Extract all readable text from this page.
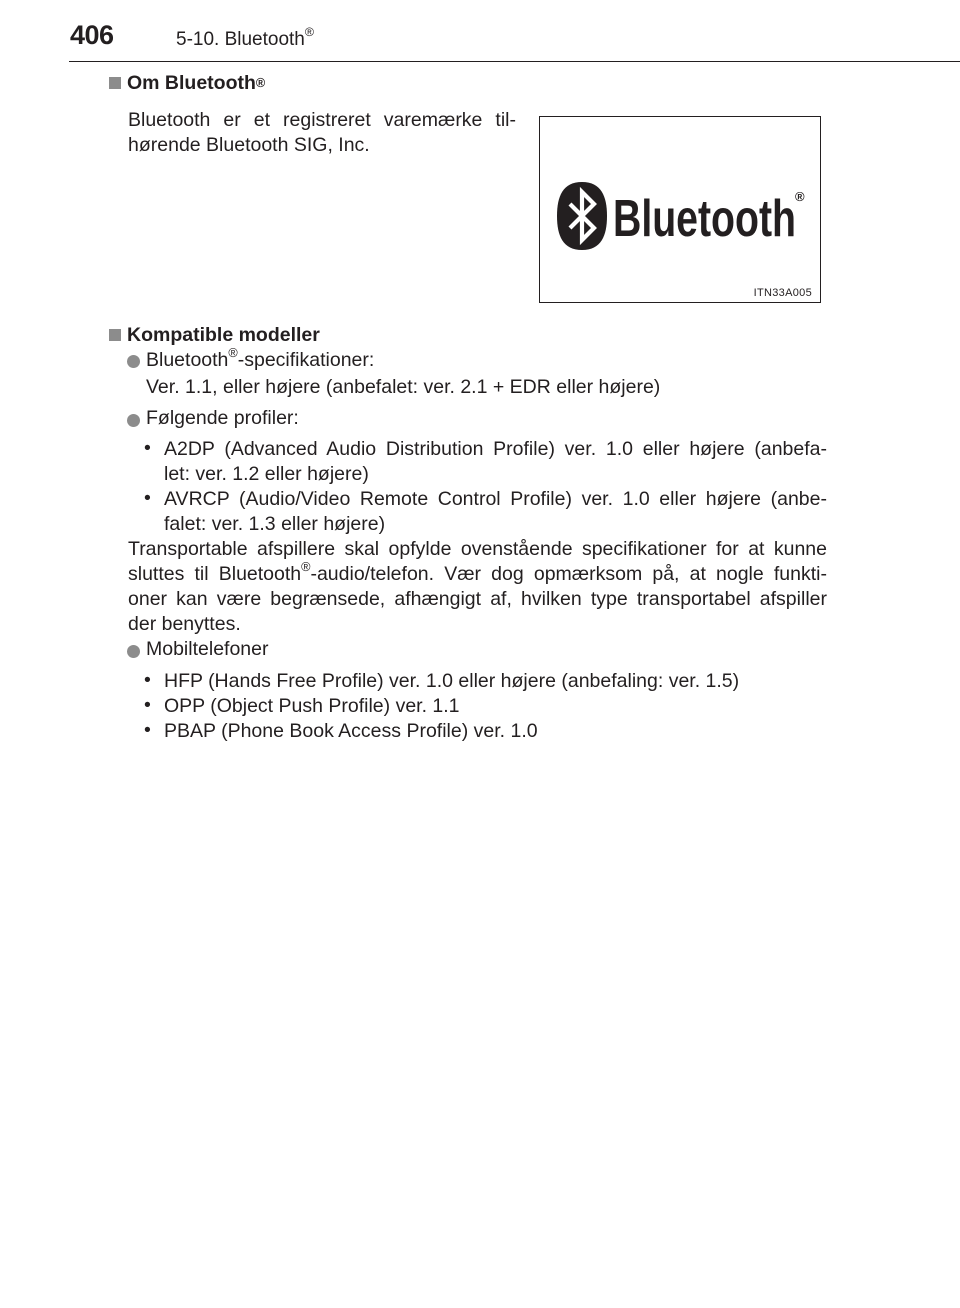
406	5-10. Bluetooth®
Om Bluetooth®
Bluetooth er et registreret varemærke til-
hørende Bluetooth SIG, Inc.
Bluetooth ®
ITN33A005
Kompatible modeller
Bluetooth®-specifikationer:
Ver. 1.1, eller højere (anbefalet: ver. 2.1 + EDR eller højere)
Følgende profiler:
• A2DP (Advanced Audio Distribution Profile) ver. 1.0 eller højere (anbefa-
let: ver. 1.2 eller højere)
• AVRCP (Audio/Video Remote Control Profile) ver. 1.0 eller højere (anbe-
falet: ver. 1.3 eller højere)
Transportable afspillere skal opfylde ovenstående specifikationer for at kunne
sluttes til Bluetooth®-audio/telefon. Vær dog opmærksom på, at nogle funkti-
oner kan være begrænsede, afhængigt af, hvilken type transportabel afspiller
der benyttes.
Mobiltelefoner
• HFP (Hands Free Profile) ver. 1.0 eller højere (anbefaling: ver. 1.5)
• OPP (Object Push Profile) ver. 1.1
• PBAP (Phone Book Access Profile) ver. 1.0
